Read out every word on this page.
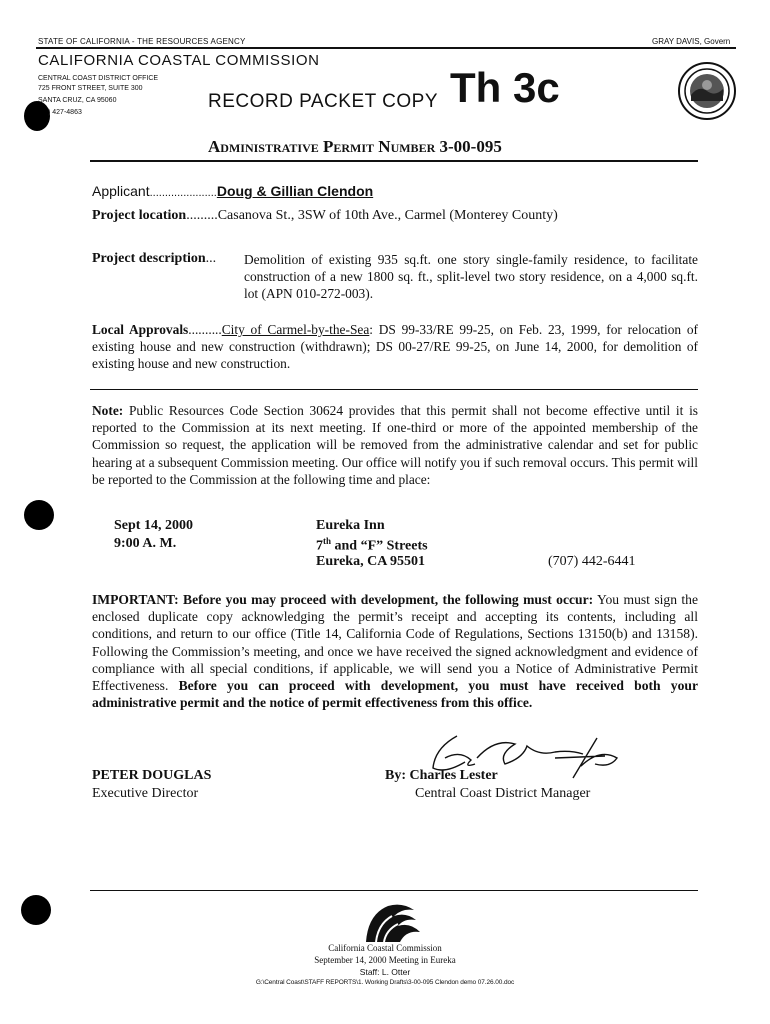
STATE OF CALIFORNIA - THE RESOURCES AGENCY	GRAY DAVIS, Govern
CALIFORNIA COASTAL COMMISSION
CENTRAL COAST DISTRICT OFFICE
725 FRONT STREET, SUITE 300
SANTA CRUZ, CA 95060
) 427-4863
RECORD PACKET COPY Th 3c
Administrative Permit Number 3-00-095
Applicant......................Doug & Gillian Clendon
Project location.........Casanova St., 3SW of 10th Ave., Carmel (Monterey County)
Project description... Demolition of existing 935 sq.ft. one story single-family residence, to facilitate construction of a new 1800 sq. ft., split-level two story residence, on a 4,000 sq.ft. lot (APN 010-272-003).
Local Approvals..........City of Carmel-by-the-Sea: DS 99-33/RE 99-25, on Feb. 23, 1999, for relocation of existing house and new construction (withdrawn); DS 00-27/RE 99-25, on June 14, 2000, for demolition of existing house and new construction.
Note: Public Resources Code Section 30624 provides that this permit shall not become effective until it is reported to the Commission at its next meeting. If one-third or more of the appointed membership of the Commission so request, the application will be removed from the administrative calendar and set for public hearing at a subsequent Commission meeting. Our office will notify you if such removal occurs. This permit will be reported to the Commission at the following time and place:
Sept 14, 2000
9:00 A. M.
Eureka Inn
7th and “F” Streets
Eureka, CA 95501	(707) 442-6441
IMPORTANT: Before you may proceed with development, the following must occur: You must sign the enclosed duplicate copy acknowledging the permit’s receipt and accepting its contents, including all conditions, and return to our office (Title 14, California Code of Regulations, Sections 13150(b) and 13158). Following the Commission’s meeting, and once we have received the signed acknowledgment and evidence of compliance with all special conditions, if applicable, we will send you a Notice of Administrative Permit Effectiveness. Before you can proceed with development, you must have received both your administrative permit and the notice of permit effectiveness from this office.
PETER DOUGLAS
Executive Director
By: Charles Lester
Central Coast District Manager
California Coastal Commission
September 14, 2000 Meeting in Eureka
Staff: L. Otter
G:\Central Coast\STAFF REPORTS\1. Working Drafts\3-00-095 Clendon demo 07.26.00.doc
